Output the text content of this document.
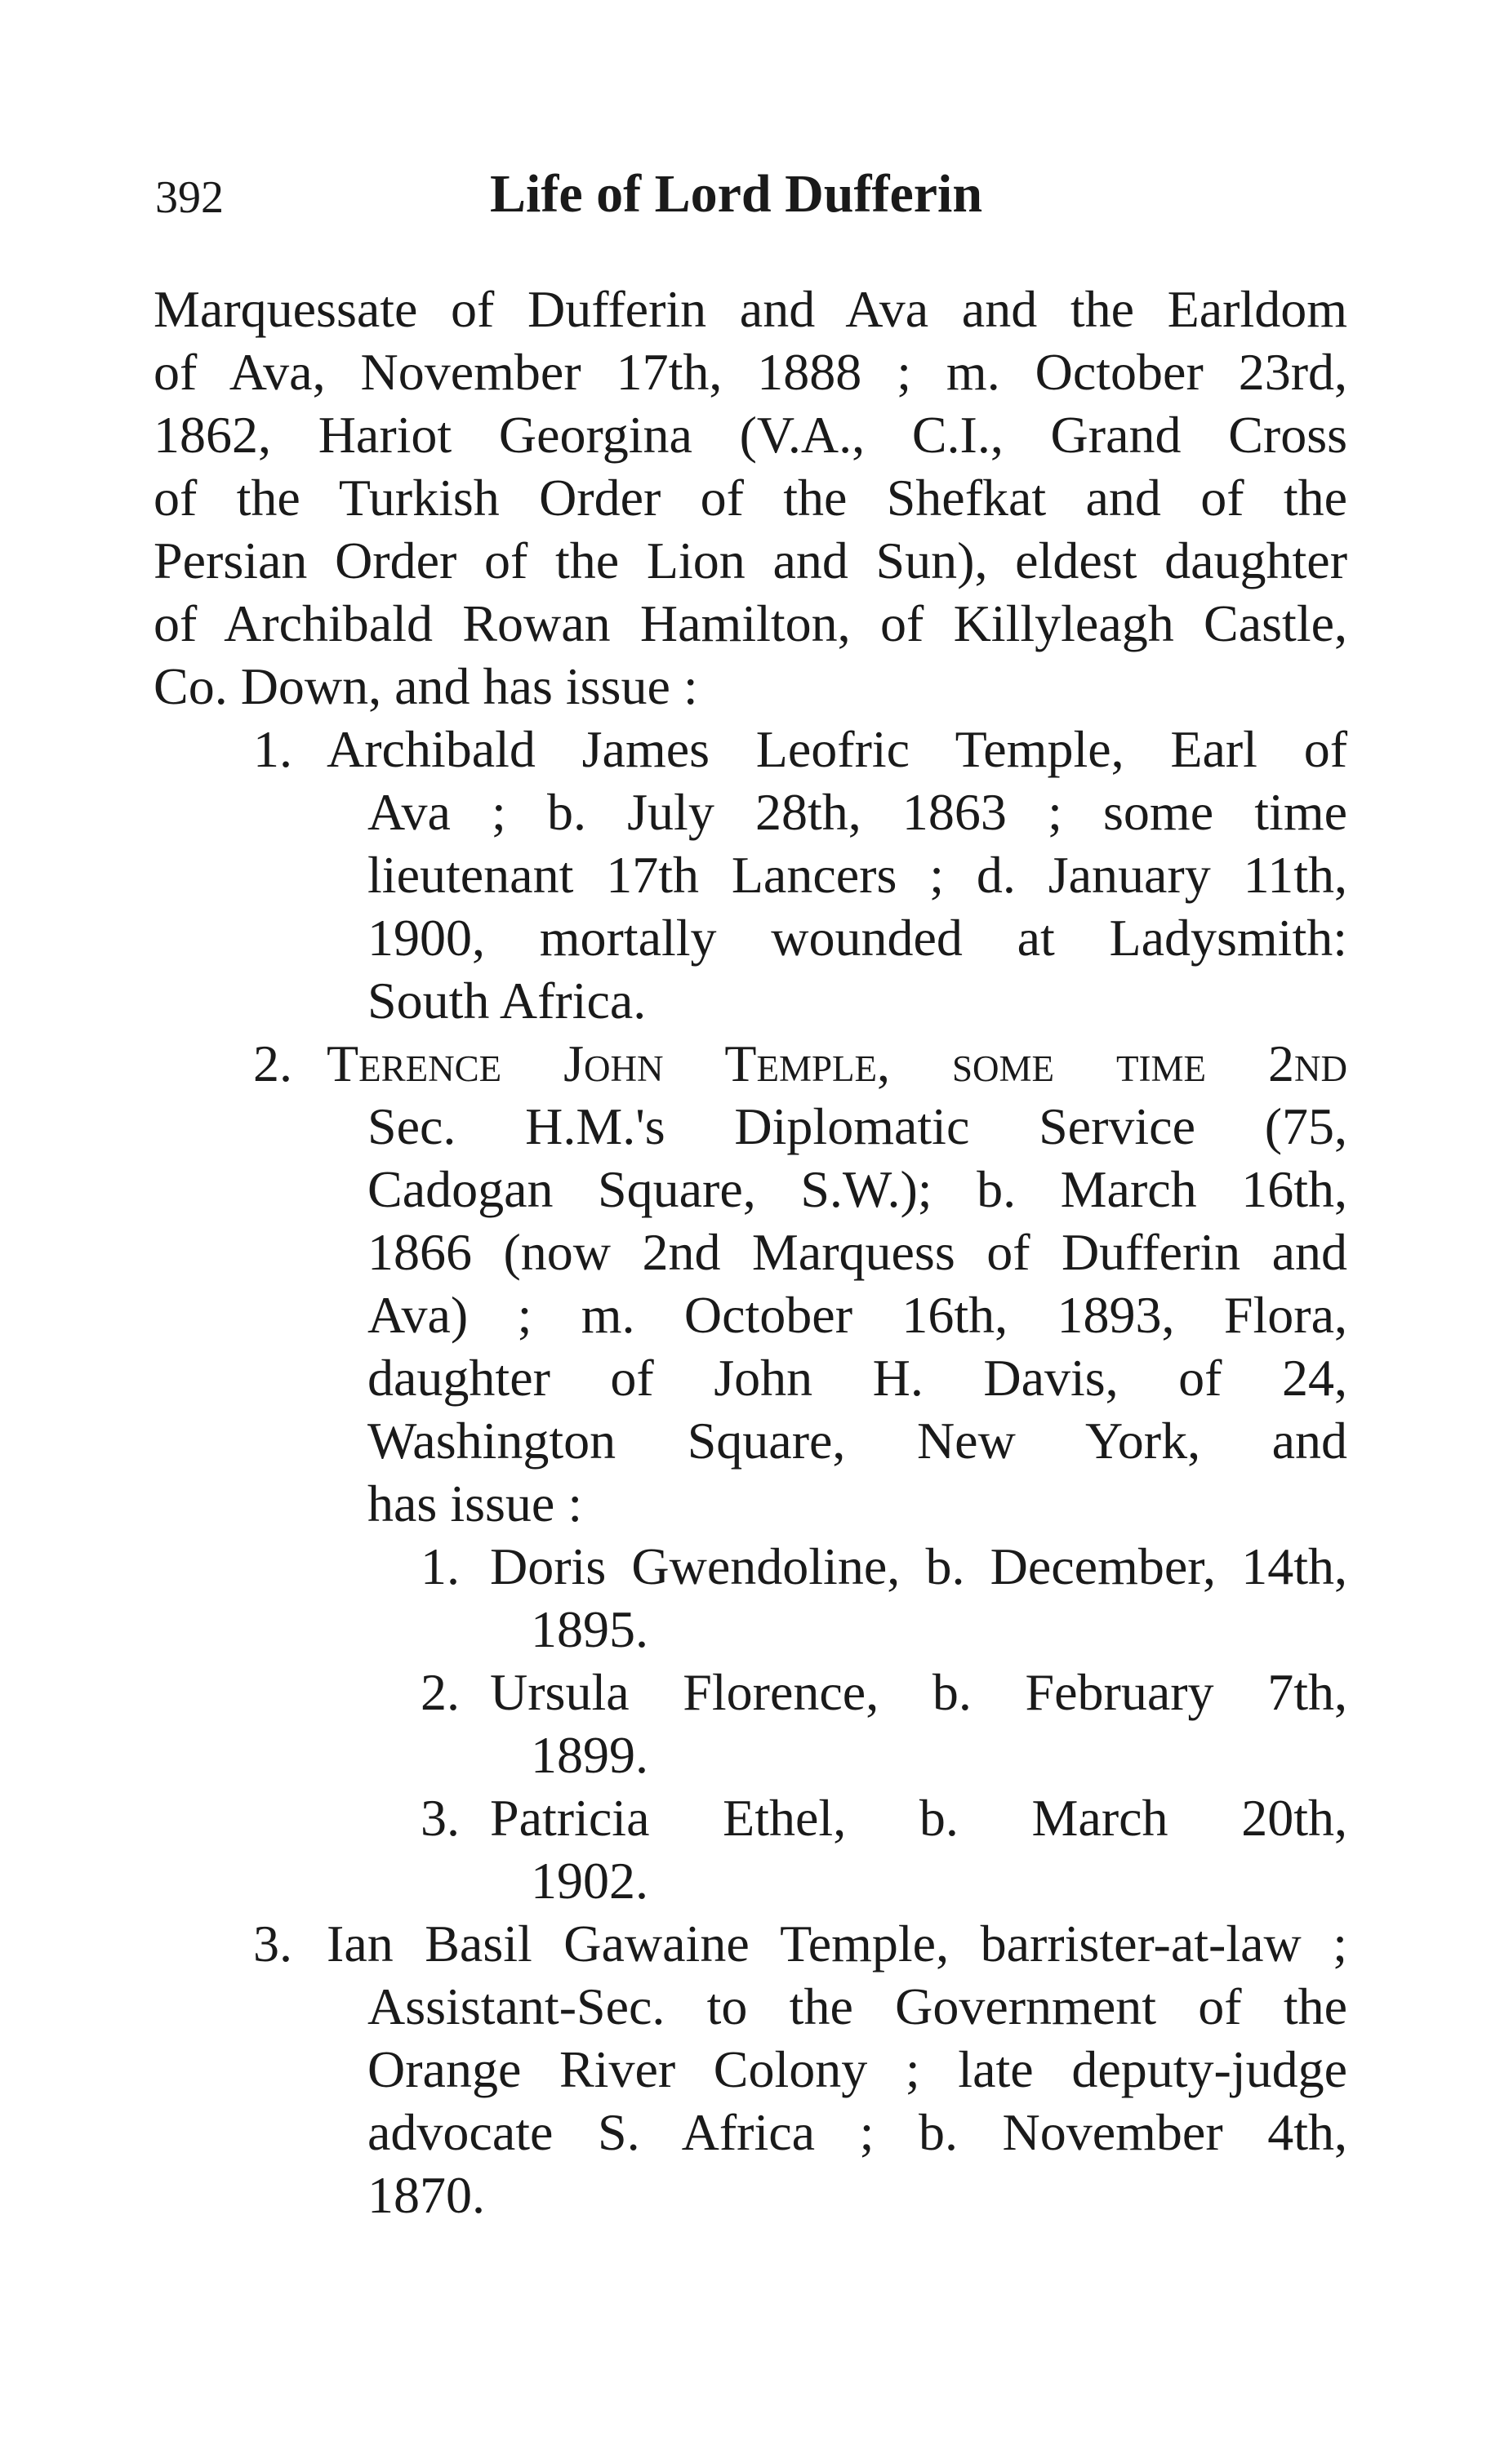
392	Life of Lord Dufferin
Marquessate of Dufferin and Ava and the Earldom
of Ava, November 17th, 1888 ; m. October 23rd,
1862, Hariot Georgina (V.A., C.I., Grand Cross
of the Turkish Order of the Shefkat and of the
Persian Order of the Lion and Sun), eldest daughter
of Archibald Rowan Hamilton, of Killyleagh Castle,
Co. Down, and has issue :
1. Archibald James Leofric Temple, Earl of
Ava ; b. July 28th, 1863 ; some time
lieutenant 17th Lancers ; d. January 11th,
1900, mortally wounded at Ladysmith:
South Africa.
2. Terence John Temple, some time 2nd
Sec. H.M.'s Diplomatic Service (75,
Cadogan Square, S.W.); b. March 16th,
1866 (now 2nd Marquess of Dufferin and
Ava) ; m. October 16th, 1893, Flora,
daughter of John H. Davis, of 24,
Washington Square, New York, and
has issue :
1. Doris Gwendoline, b. December, 14th,
1895.
2. Ursula Florence, b. February 7th,
1899.
3. Patricia Ethel, b. March 20th,
1902.
3. Ian Basil Gawaine Temple, barrister-at-law ;
Assistant-Sec. to the Government of the
Orange River Colony ; late deputy-judge
advocate S. Africa ; b. November 4th,
1870.
